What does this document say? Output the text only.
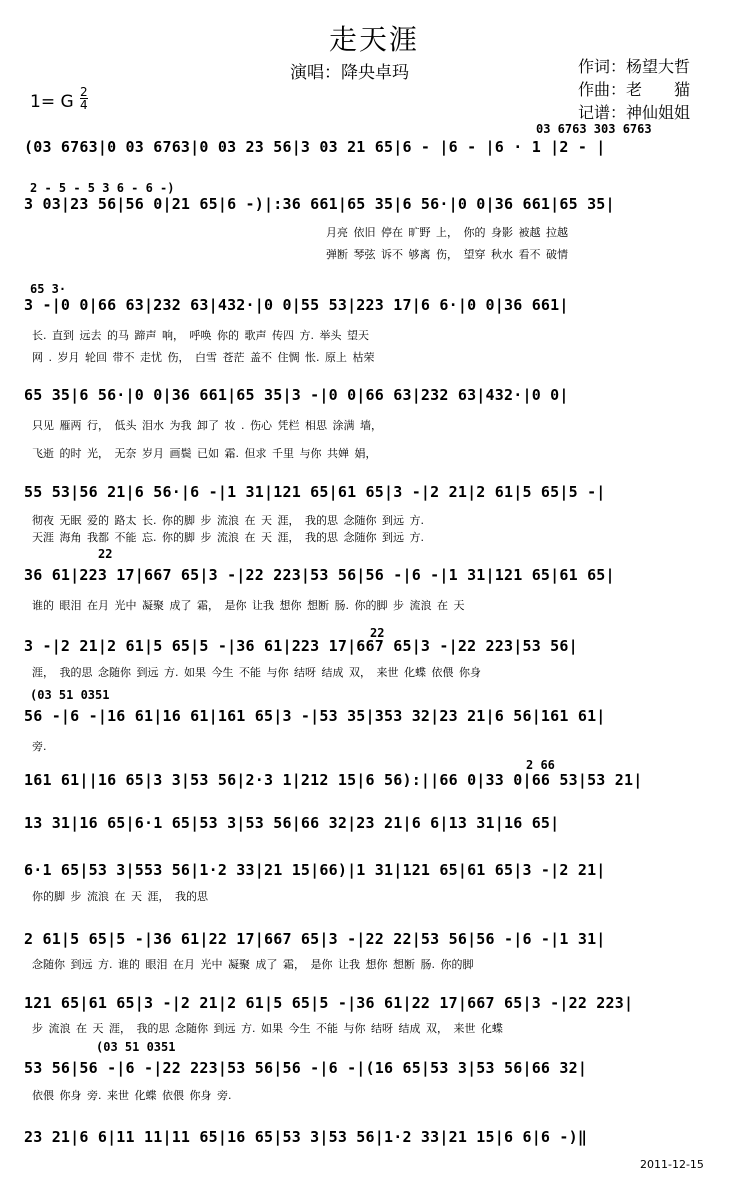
走天涯
演唱：降央卓玛	作词：杨望大哲
作曲：老　　猫
记谱：神仙姐姐
1= G $\frac{2}{4}$
03 6763 303 6763
(03 6763|0 03 6763|0 03 23 56|3 03 21 65|6 - |6 - |6 · 1 |2 - |
2 - 5 - 5 3 6 - 6 -)
3 03|23 56|56 0|21 65|6 -)|:36 661|65 35|6 56·|0 0|36 661|65 35|
月亮 依旧 停在 旷野 上， 你的 身影 被越 拉越
弹断 琴弦 诉不 够离 伤， 望穿 秋水 看不 破情
65 3·
3 -|0 0|66 63|232 63|432·|0 0|55 53|223 17|6 6·|0 0|36 661|
长. 直到 远去 的马 蹄声 响， 呼唤 你的 歌声 传四 方. 举头 望天
网 . 岁月 轮回 带不 走忧 伤， 白雪 苍茫 盖不 住惆 怅. 原上 枯荣
65 35|6 56·|0 0|36 661|65 35|3 -|0 0|66 63|232 63|432·|0 0|
只见 雁两 行， 低头 泪水 为我 卸了 妆 . 伤心 凭栏 相思 涂满 墙，
飞逝 的时 光， 无奈 岁月 画鬓 已如 霜. 但求 千里 与你 共婵 娟，
55 53|56 21|6 56·|6 -|1 31|121 65|61 65|3 -|2 21|2 61|5 65|5 -|
彻夜 无眠 爱的 路太 长. 你的脚 步 流浪 在 天 涯， 我的思 念随你 到远 方.
天涯 海角 我都 不能 忘. 你的脚 步 流浪 在 天 涯， 我的思 念随你 到远 方.
22
36 61|223 17|667 65|3 -|22 223|53 56|56 -|6 -|1 31|121 65|61 65|
谁的 眼泪 在月 光中 凝聚 成了 霜， 是你 让我 想你 想断 肠. 你的脚 步 流浪 在 天
22
3 -|2 21|2 61|5 65|5 -|36 61|223 17|667 65|3 -|22 223|53 56|
涯， 我的思 念随你 到远 方. 如果 今生 不能 与你 结呀 结成 双， 来世 化蝶 依偎 你身
(03 51 0351
56 -|6 -|16 61|16 61|161 65|3 -|53 35|353 32|23 21|6 56|161 61|
旁.
2 66
161 61||16 65|3 3|53 56|2·3 1|212 15|6 56):||66 0|33 0|66 53|53 21|
13 31|16 65|6·1 65|53 3|53 56|66 32|23 21|6 6|13 31|16 65|
6·1 65|53 3|553 56|1·2 33|21 15|66)|1 31|121 65|61 65|3 -|2 21|
你的脚 步 流浪 在 天 涯， 我的思
2 61|5 65|5 -|36 61|22 17|667 65|3 -|22 22|53 56|56 -|6 -|1 31|
念随你 到远 方. 谁的 眼泪 在月 光中 凝聚 成了 霜， 是你 让我 想你 想断 肠. 你的脚
121 65|61 65|3 -|2 21|2 61|5 65|5 -|36 61|22 17|667 65|3 -|22 223|
步 流浪 在 天 涯， 我的思 念随你 到远 方. 如果 今生 不能 与你 结呀 结成 双， 来世 化蝶
(03 51 0351
53 56|56 -|6 -|22 223|53 56|56 -|6 -|(16 65|53 3|53 56|66 32|
依偎 你身 旁. 来世 化蝶 依偎 你身 旁.
23 21|6 6|11 11|11 65|16 65|53 3|53 56|1·2 33|21 15|6 6|6 -)‖
2011-12-15
